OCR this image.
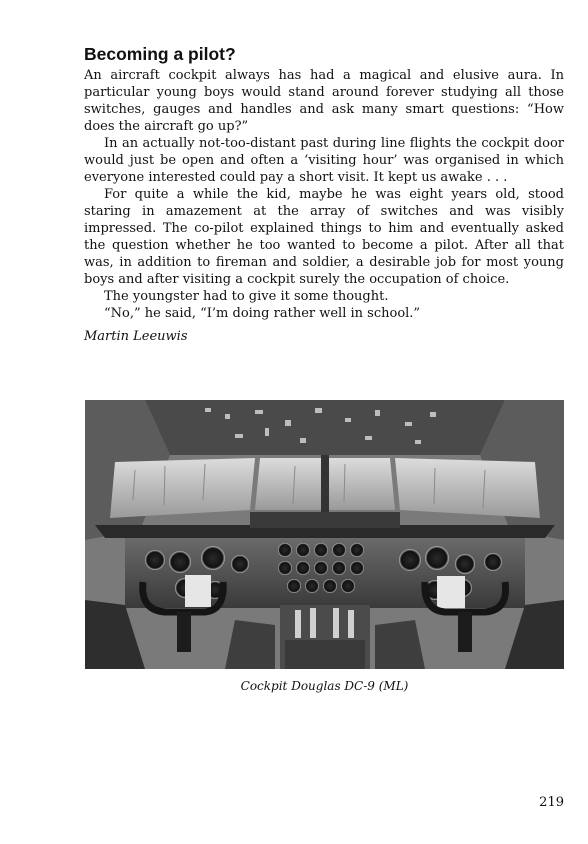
Becoming a pilot?

An aircraft cockpit always has had a magical and elusive aura. In particular young boys would stand around forever studying all those switches, gauges and handles and ask many smart questions: “How does the aircraft go up?”

In an actually not-too-distant past during line flights the cockpit door would just be open and often a ‘visiting hour’ was organised in which everyone interested could pay a short visit. It kept us awake . . .

For quite a while the kid, maybe he was eight years old, stood staring in amazement at the array of switches and was visibly impressed. The co-pilot explained things to him and eventually asked the question whether he too wanted to become a pilot. After all that was, in addition to fireman and soldier, a desirable job for most young boys and after visiting a cockpit surely the occupation of choice.

The youngster had to give it some thought.

“No,” he said, “I’m doing rather well in school.”

Martin Leeuwis
Cockpit Douglas DC-9 (ML)
219
